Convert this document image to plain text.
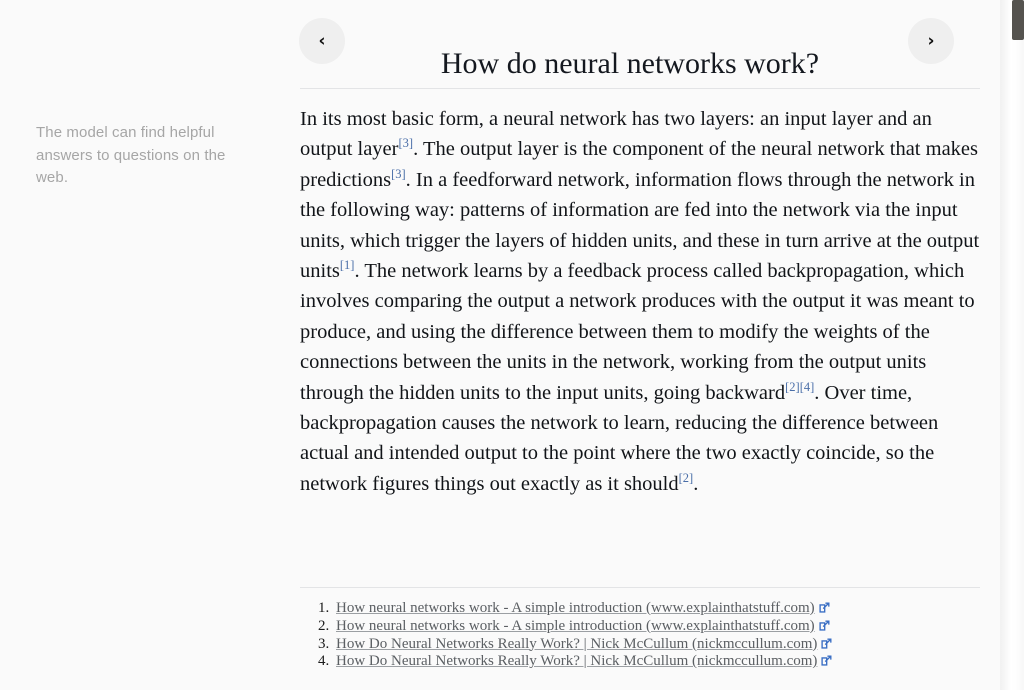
The model can find helpful answers to questions on the web.
‹
How do neural networks work?
›
In its most basic form, a neural network has two layers: an input layer and an output layer[3]. The output layer is the component of the neural network that makes predictions[3]. In a feedforward network, information flows through the network in the following way: patterns of information are fed into the network via the input units, which trigger the layers of hidden units, and these in turn arrive at the output units[1]. The network learns by a feedback process called backpropagation, which involves comparing the output a network produces with the output it was meant to produce, and using the difference between them to modify the weights of the connections between the units in the network, working from the output units through the hidden units to the input units, going backward[2][4]. Over time, backpropagation causes the network to learn, reducing the difference between actual and intended output to the point where the two exactly coincide, so the network figures things out exactly as it should[2].
1. How neural networks work - A simple introduction (www.explainthatstuff.com)
2. How neural networks work - A simple introduction (www.explainthatstuff.com)
3. How Do Neural Networks Really Work? | Nick McCullum (nickmccullum.com)
4. How Do Neural Networks Really Work? | Nick McCullum (nickmccullum.com)
